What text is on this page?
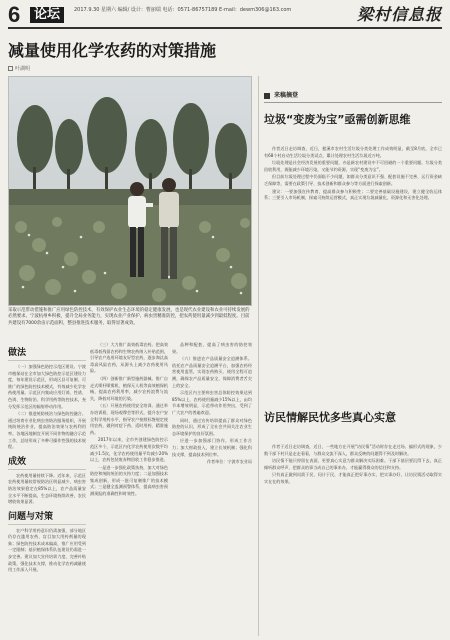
6	论坛	2017.9.30 星期六 编辑/ 设计：曹丽瑞 电话：0571-86757189 E-mail：dewm306@163.com	梁村信息报
减量使用化学农药的对策措施
叶湖明
采取示范带动措施和推广应用绿色防控技术，有效保护农业生态环境的稳定健康发展，也是现代农业建设和农业可持续发展的必然要求。宁波杭州乡积极，提升全局业务能力，实现农业产业保护、病虫害精准防控，把农药使用量减少到最低程度。目前共建设有7000余亩示范面积，整县推进技术服务，取得显著成效。
做法

（一）加强绿色防控示范区建设。宁波市植保站在全市加大绿色防控示范区建设力度，每年建设示范区，形成区县可复制、可推广的绿色防控技术模式，有效减少化学农药使用量。示范区内集成应用灯诱、性诱、色诱、生物防治、科学用药等防控技术，充分发挥示范区的辐射带动作用。

（二）推进统防统治与绿色防控融合。通过培育专业化病虫害防治服务组织，开展统防统治作业，提高防治效果与农药利用率。各地因地制宜开展不同作物的融合示范工作，总结形成了多种可操作性强的技术规程。

成效

农药使用量持续下降。近年来，示范区农药使用量较常规防治区明显减少，病虫害防治效果稳定在85%以上，农产品质量安全水平不断提高，生态环境持续改善，农民增收效果显著。

问题与对策

农户科学用药意识仍需加强，部分地区仍存在滥用农药、盲目加大用药剂量的现象；绿色防控技术成本偏高，推广应用受到一定限制；基层植保体系队伍建设仍需进一步完善。建议加大宣传培训力度，完善补贴政策，强化技术支撑，推动化学农药减量使用工作深入开展。

（三）大力推广高效低毒农药。把高效低毒低残留农药和生物农药纳入补贴范围，引导农户选用环境友好型农药，逐步淘汰高毒高风险农药，从源头上减少农药使用风险。

（四）创新推广新型施药器械。推广自走式喷杆喷雾机、植保无人机等高效植保机械，提高农药利用率，减少农药浪费与流失，降低对环境的污染。

（五）开展农药使用安全培训。通过举办培训班、现场观摩会等形式，提升农户安全科学用药水平，指导农户按照标签规定使用农药，做到对症下药、适时用药、精准施药。

2017年以来，全市共创建绿色防控示范区多个，示范区内化学农药使用次数平均减少1.5次，化学农药使用量平均减少20%以上，农药包装废弃物回收工作稳步推进。

一是进一步强化政策扶持，加大对绿色防控和统防统治的支持力度；二是加强技术集成创新，形成一批可复制推广的技术模式；三是健全监测预警体系，提高病虫害预测预报的准确性和时效性。

品种和配套，提高了病虫害的防控效果。

（六）推进农产品质量安全追溯体系。依托农产品质量安全追溯平台，加强农药经营使用监管，实现农药购买、使用全程可追溯，确保农产品质量安全，保障消费者舌尖上的安全。

示范区内主要病虫害总体防控效果达到85%以上，农药使用量减少15%以上，亩均节本增效明显，示范带动作用突出，受到了广大农户的普遍欢迎。

同时，通过宣传培训提高了群众对绿色防控的认识，形成了全社会共同关注农业生态环境保护的良好氛围。

应进一步加强部门协作，形成工作合力；加大财政投入，建立长效机制；强化科技支撑，提高技术到位率。

作者单位：宁波市农业局

来稿摘登
垃圾“变废为宝”亟需创新思维

作者近日走访调查，近日，慈溪市农村生活垃圾分类处理工作成效明显，截至8月底，全市已有68个村启动生活垃圾分类试点，累计处理农村生活垃圾近万吨。

垃圾处理是社会经济发展的重要问题，亦是新农村建设中不可回避的一个重要问题。垃圾分类回收利用，既能减少环境污染，又能节约资源，实现“变废为宝”。

但目前垃圾处理过程中仍面临不少问题，如群众分类意识不强、配套设施不完善、运行资金缺乏保障等，需要在政策引导、技术创新和群众参与等方面进行探索创新。

建议：一要加强宣传教育，提高群众参与积极性；二要完善基础设施建设，建立健全收运体系；三要引入市场机制，探索可持续运营模式，真正实现垃圾减量化、资源化和无害化处理。

访民情解民忧多些真心实意

作者于近日走访调查，近日，一些地方在开展“访民情”活动时存在走过场、搞形式的现象，少数干部下村只是走走看看，与群众交流不深入，群众反映的问题得不到及时解决。

访民情不能只停留在表面，更要真心实意为群众解决实际困难。干部下基层要沉得下去，真正倾听群众呼声，把群众的事当成自己的事来办，才能赢得群众的信任和支持。

只有真正做到问需于民、问计于民，才能真正把好事办实、把实事办好，让访民情活动取得实实在在的效果。
